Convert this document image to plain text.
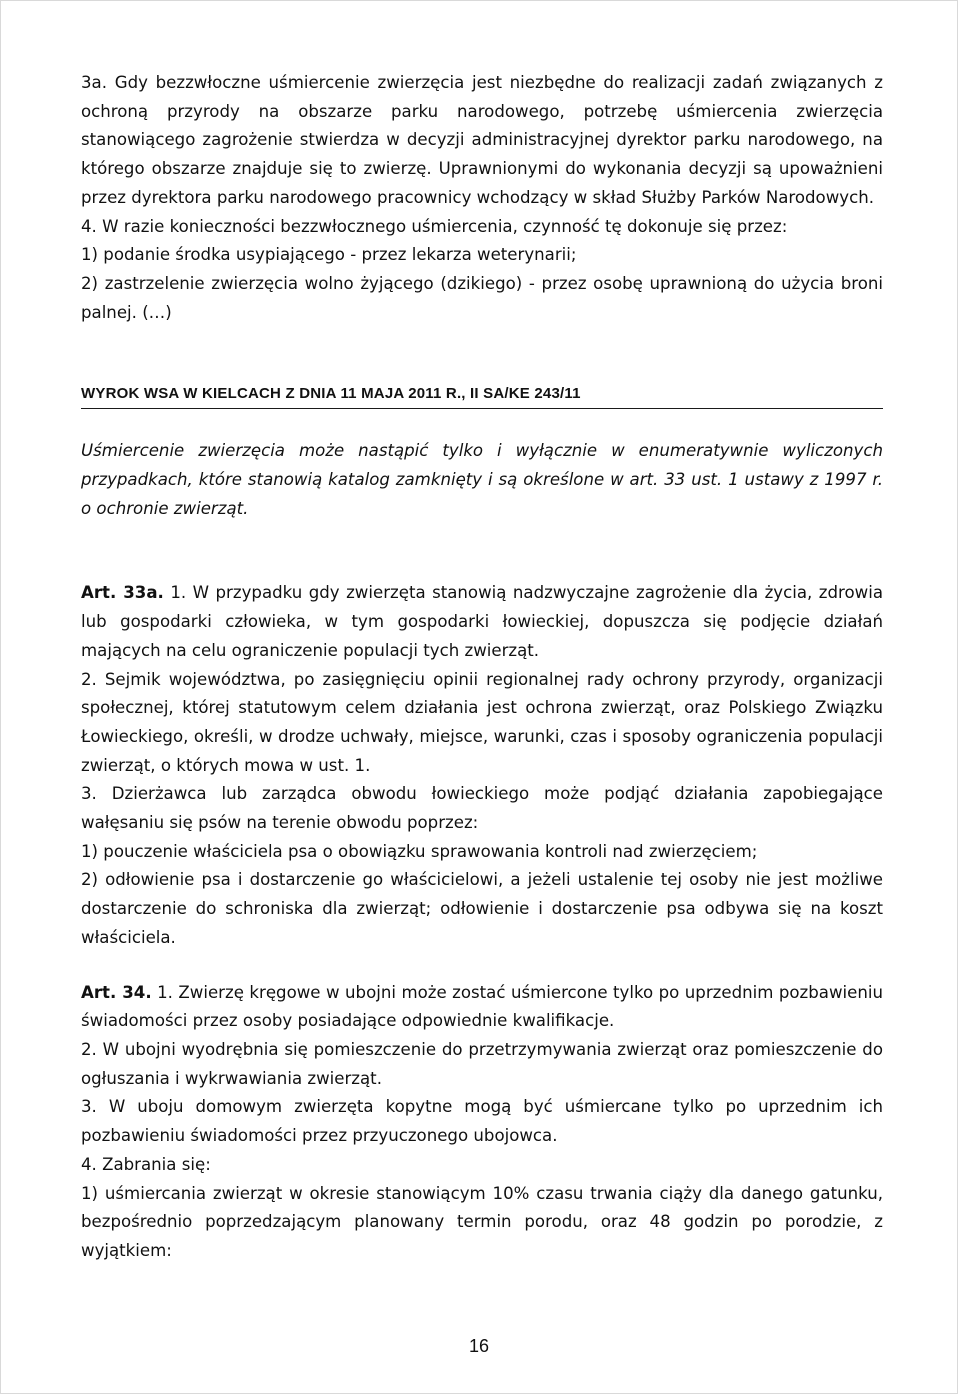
3a. Gdy bezzwłoczne uśmiercenie zwierzęcia jest niezbędne do realizacji zadań związanych z ochroną przyrody na obszarze parku narodowego, potrzebę uśmiercenia zwierzęcia stanowiącego zagrożenie stwierdza w decyzji administracyjnej dyrektor parku narodowego, na którego obszarze znajduje się to zwierzę. Uprawnionymi do wykonania decyzji są upoważnieni przez dyrektora parku narodowego pracownicy wchodzący w skład Służby Parków Narodowych.

4. W razie konieczności bezzwłocznego uśmiercenia, czynność tę dokonuje się przez:

1) podanie środka usypiającego - przez lekarza weterynarii;

2) zastrzelenie zwierzęcia wolno żyjącego (dzikiego) - przez osobę uprawnioną do użycia broni palnej. (…)

WYROK WSA W KIELCACH Z DNIA 11 MAJA 2011 R., II SA/KE 243/11

Uśmiercenie zwierzęcia może nastąpić tylko i wyłącznie w enumeratywnie wyliczonych przypadkach, które stanowią katalog zamknięty i są określone w art. 33 ust. 1 ustawy z 1997 r. o ochronie zwierząt.

Art. 33a. 1. W przypadku gdy zwierzęta stanowią nadzwyczajne zagrożenie dla życia, zdrowia lub gospodarki człowieka, w tym gospodarki łowieckiej, dopuszcza się podjęcie działań mających na celu ograniczenie populacji tych zwierząt.

2. Sejmik województwa, po zasięgnięciu opinii regionalnej rady ochrony przyrody, organizacji społecznej, której statutowym celem działania jest ochrona zwierząt, oraz Polskiego Związku Łowieckiego, określi, w drodze uchwały, miejsce, warunki, czas i sposoby ograniczenia populacji zwierząt, o których mowa w ust. 1.

3. Dzierżawca lub zarządca obwodu łowieckiego może podjąć działania zapobiegające wałęsaniu się psów na terenie obwodu poprzez:

1) pouczenie właściciela psa o obowiązku sprawowania kontroli nad zwierzęciem;

2) odłowienie psa i dostarczenie go właścicielowi, a jeżeli ustalenie tej osoby nie jest możliwe dostarczenie do schroniska dla zwierząt; odłowienie i dostarczenie psa odbywa się na koszt właściciela.

Art. 34. 1. Zwierzę kręgowe w ubojni może zostać uśmiercone tylko po uprzednim pozbawieniu świadomości przez osoby posiadające odpowiednie kwalifikacje.

2. W ubojni wyodrębnia się pomieszczenie do przetrzymywania zwierząt oraz pomieszczenie do ogłuszania i wykrwawiania zwierząt.

3. W uboju domowym zwierzęta kopytne mogą być uśmiercane tylko po uprzednim ich pozbawieniu świadomości przez przyuczonego ubojowca.

4. Zabrania się:

1) uśmiercania zwierząt w okresie stanowiącym 10% czasu trwania ciąży dla danego gatunku, bezpośrednio poprzedzającym planowany termin porodu, oraz 48 godzin po porodzie, z wyjątkiem:

16
